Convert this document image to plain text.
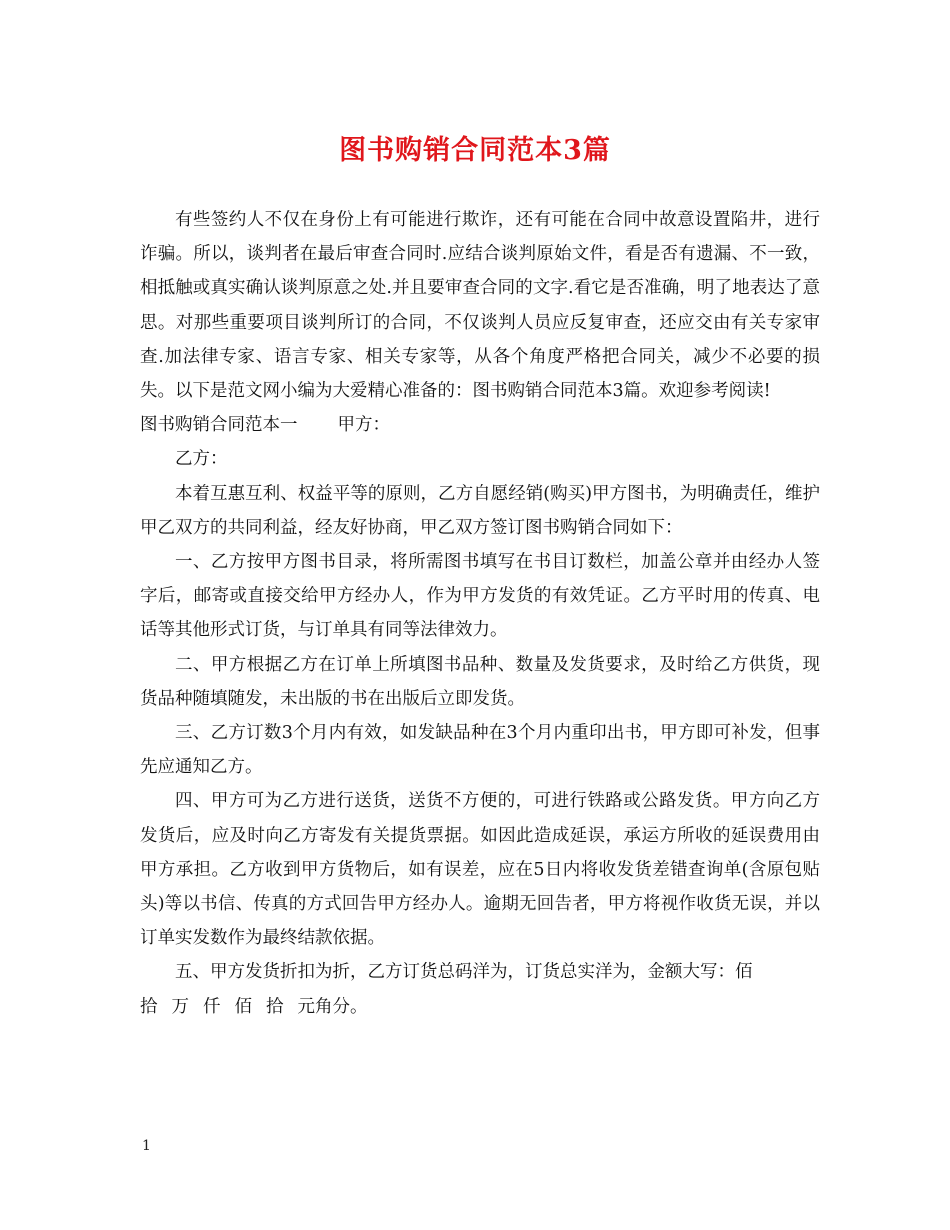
图书购销合同范本3篇

有些签约人不仅在身份上有可能进行欺诈，还有可能在合同中故意设置陷井，进行诈骗。所以，谈判者在最后审查合同时.应结合谈判原始文件，看是否有遗漏、不一致，相抵触或真实确认谈判原意之处.并且要审查合同的文字.看它是否准确，明了地表达了意思。对那些重要项目谈判所订的合同，不仅谈判人员应反复审查，还应交由有关专家审查.加法律专家、语言专家、相关专家等，从各个角度严格把合同关，减少不必要的损失。以下是范文网小编为大爱精心准备的：图书购销合同范本3篇。欢迎参考阅读!

图书购销合同范本一 甲方：

乙方：

本着互惠互利、权益平等的原则，乙方自愿经销(购买)甲方图书，为明确责任，维护甲乙双方的共同利益，经友好协商，甲乙双方签订图书购销合同如下：

一、乙方按甲方图书目录，将所需图书填写在书目订数栏，加盖公章并由经办人签字后，邮寄或直接交给甲方经办人，作为甲方发货的有效凭证。乙方平时用的传真、电话等其他形式订货，与订单具有同等法律效力。

二、甲方根据乙方在订单上所填图书品种、数量及发货要求，及时给乙方供货，现货品种随填随发，未出版的书在出版后立即发货。

三、乙方订数3个月内有效，如发缺品种在3个月内重印出书，甲方即可补发，但事先应通知乙方。

四、甲方可为乙方进行送货，送货不方便的，可进行铁路或公路发货。甲方向乙方发货后，应及时向乙方寄发有关提货票据。如因此造成延误，承运方所收的延误费用由甲方承担。乙方收到甲方货物后，如有误差，应在5日内将收发货差错查询单(含原包贴头)等以书信、传真的方式回告甲方经办人。逾期无回告者，甲方将视作收货无误，并以订单实发数作为最终结款依据。

五、甲方发货折扣为折，乙方订货总码洋为，订货总实洋为，金额大写：佰

拾 万 仟 佰 拾 元角分。

1
